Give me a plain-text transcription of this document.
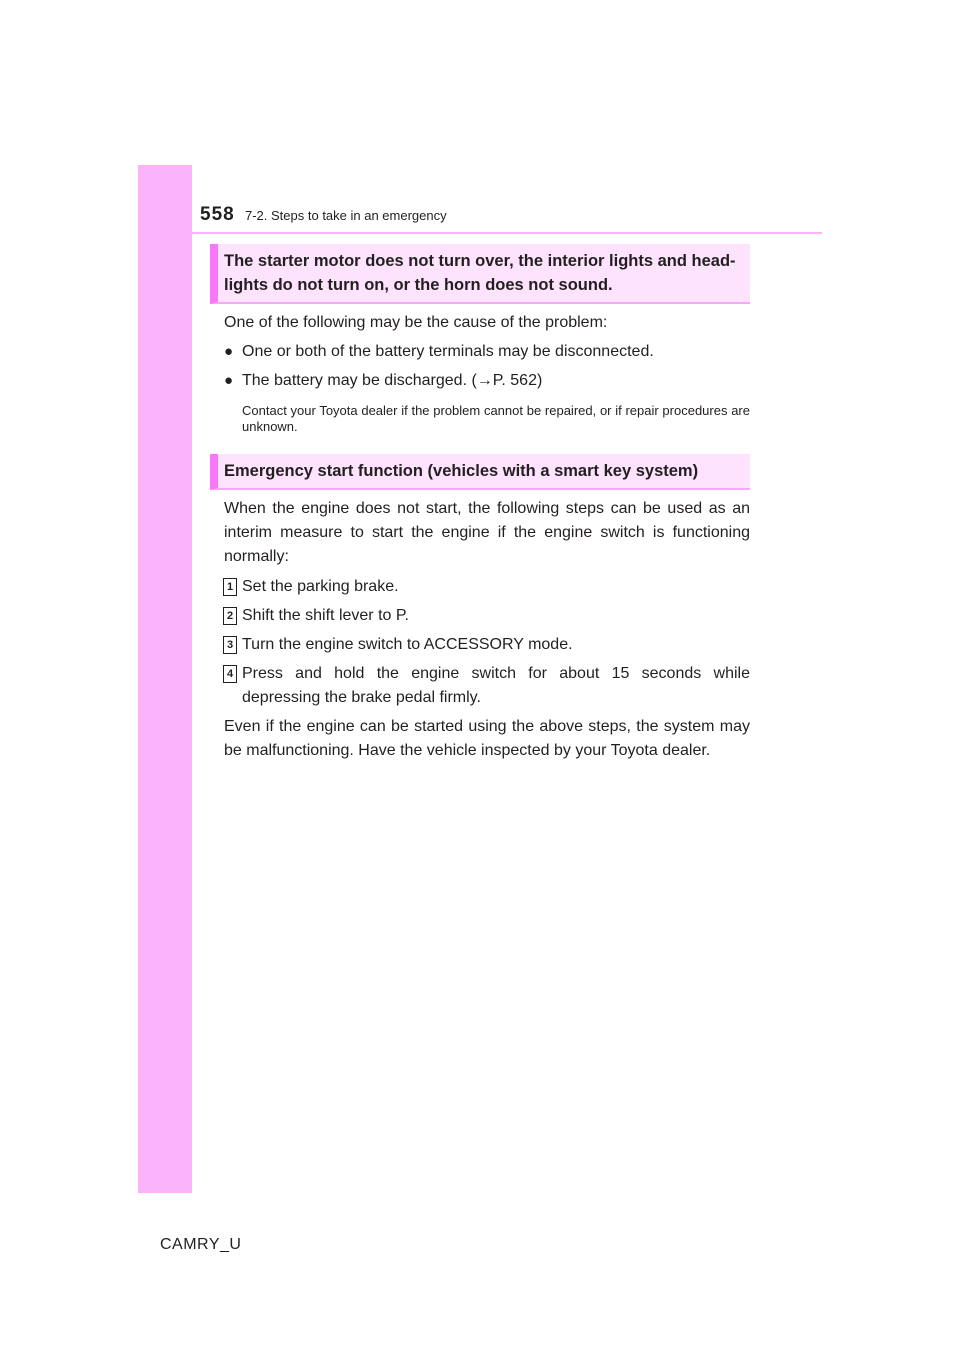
558 7-2. Steps to take in an emergency
The starter motor does not turn over, the interior lights and head-lights do not turn on, or the horn does not sound.

One of the following may be the cause of the problem:

● One or both of the battery terminals may be disconnected.
● The battery may be discharged. (→P. 562)

Contact your Toyota dealer if the problem cannot be repaired, or if repair procedures are unknown.

Emergency start function (vehicles with a smart key system)

When the engine does not start, the following steps can be used as an interim measure to start the engine if the engine switch is functioning normally:

1 Set the parking brake.
2 Shift the shift lever to P.
3 Turn the engine switch to ACCESSORY mode.
4 Press and hold the engine switch for about 15 seconds while depressing the brake pedal firmly.

Even if the engine can be started using the above steps, the system may be malfunctioning. Have the vehicle inspected by your Toyota dealer.

CAMRY_U
